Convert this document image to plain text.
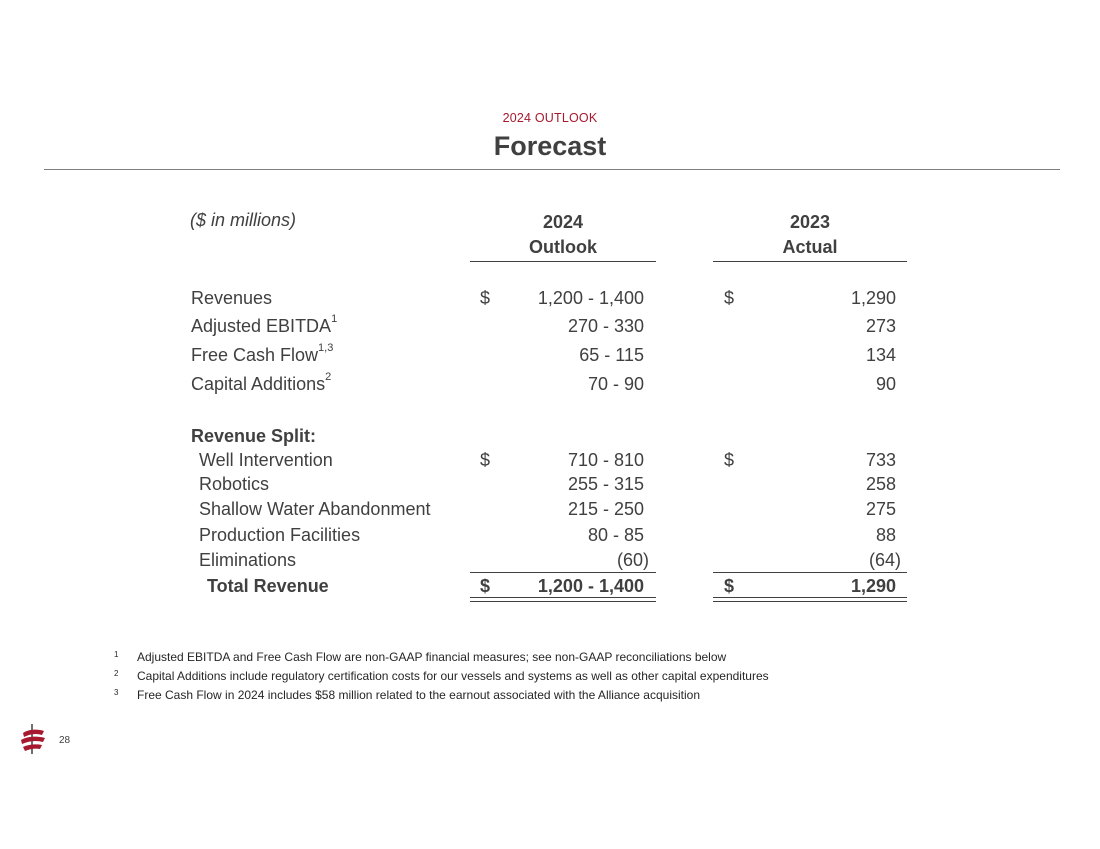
2024 OUTLOOK
Forecast
($ in millions)	2024
Outlook
2023
Actual
Revenues	$	1,200 - 1,400	$	1,290
Adjusted EBITDA$^1$	270 - 330	273
Free Cash Flow$^{1,3}$	65 - 115	134
Capital Additions$^2$	70 - 90	90
Revenue Split:
Well Intervention	$	710 - 810	$	733
Robotics	255 - 315	258
Shallow Water Abandonment	215 - 250	275
Production Facilities	80 - 85	88
Eliminations	(60)	(64)
Total Revenue	$	1,200 - 1,400	$	1,290
1 Adjusted EBITDA and Free Cash Flow are non-GAAP financial measures; see non-GAAP reconciliations below
2 Capital Additions include regulatory certification costs for our vessels and systems as well as other capital expenditures
3 Free Cash Flow in 2024 includes $58 million related to the earnout associated with the Alliance acquisition
28
